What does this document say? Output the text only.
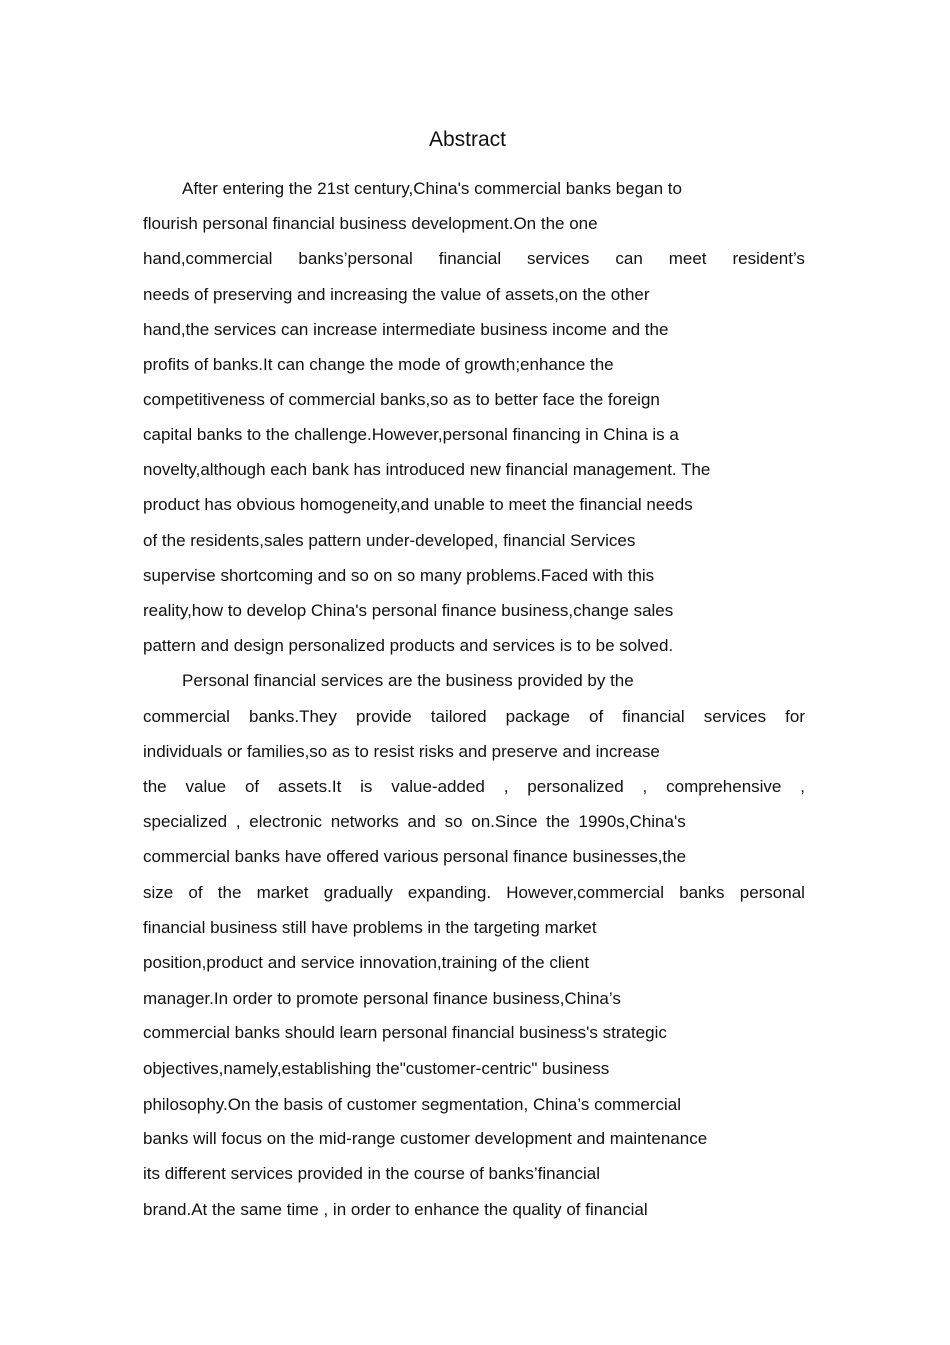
Abstract
After entering the 21st century,China's commercial banks began to
flourish personal financial business development.On the one
hand,commercial banks’personal financial services can meet resident’s
needs of preserving and increasing the value of assets,on the other
hand,the services can increase intermediate business income and the
profits of banks.It can change the mode of growth;enhance the
competitiveness of commercial banks,so as to better face the foreign
capital banks to the challenge.However,personal financing in China is a
novelty,although each bank has introduced new financial management. The
product has obvious homogeneity,and unable to meet the financial needs
of the residents,sales pattern under-developed, financial Services
supervise shortcoming and so on so many problems.Faced with this
reality,how to develop China's personal finance business,change sales
pattern and design personalized products and services is to be solved.
Personal financial services are the business provided by the
commercial banks.They provide tailored package of financial services for
individuals or families,so as to resist risks and preserve and increase
the value of assets.It is value-added , personalized , comprehensive ,
specialized , electronic networks and so on.Since the 1990s,China's
commercial banks have offered various personal finance businesses,the
size of the market gradually expanding. However,commercial banks personal
financial business still have problems in the targeting market
position,product and service innovation,training of the client
manager.In order to promote personal finance business,China’s
commercial banks should learn personal financial business's strategic
objectives,namely,establishing the"customer-centric" business
philosophy.On the basis of customer segmentation, China’s commercial
banks will focus on the mid-range customer development and maintenance
its different services provided in the course of banks’financial
brand.At the same time , in order to enhance the quality of financial
